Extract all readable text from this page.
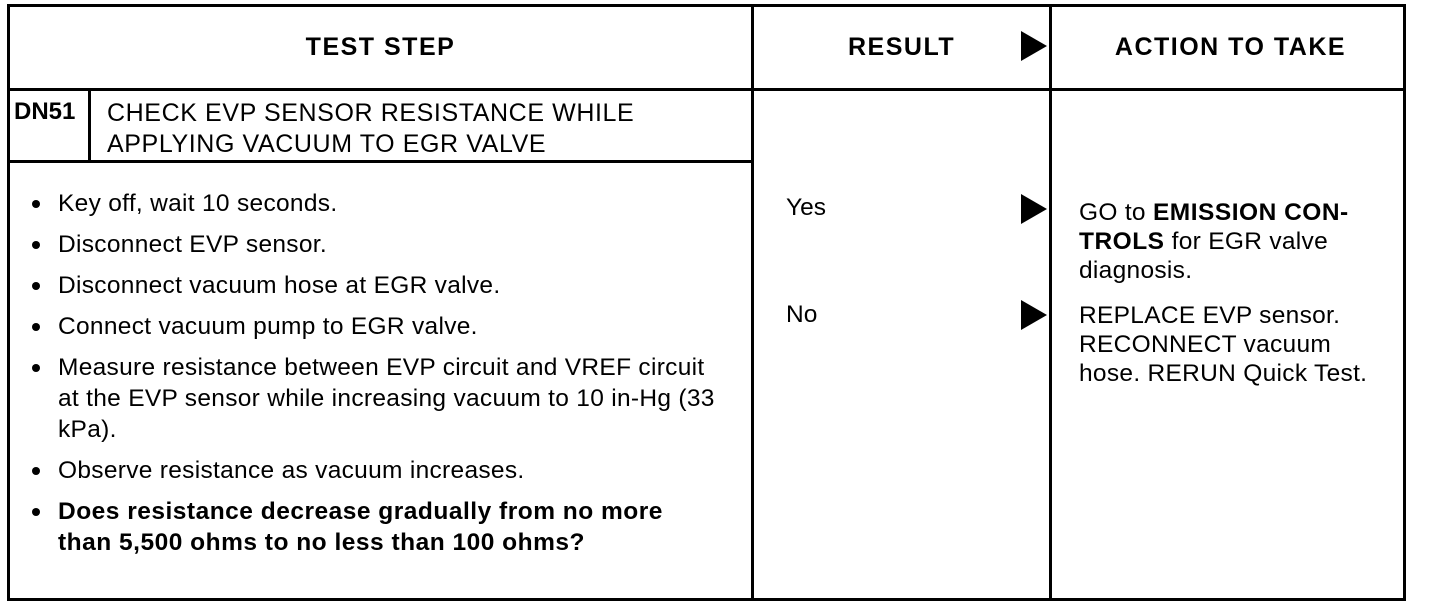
TEST STEP	RESULT	ACTION TO TAKE
DN51 CHECK EVP SENSOR RESISTANCE WHILE
APPLYING VACUUM TO EGR VALVE
Key off, wait 10 seconds.
Disconnect EVP sensor.
Disconnect vacuum hose at EGR valve.
Connect vacuum pump to EGR valve.
Measure resistance between EVP circuit and VREF circuit at the EVP sensor while increasing vacuum to 10 in-Hg (33 kPa).
Observe resistance as vacuum increases.
Does resistance decrease gradually from no more than 5,500 ohms to no less than 100 ohms?
Yes
No
GO to EMISSION CON-TROLS for EGR valve diagnosis.
REPLACE EVP sensor. RECONNECT vacuum hose. RERUN Quick Test.
